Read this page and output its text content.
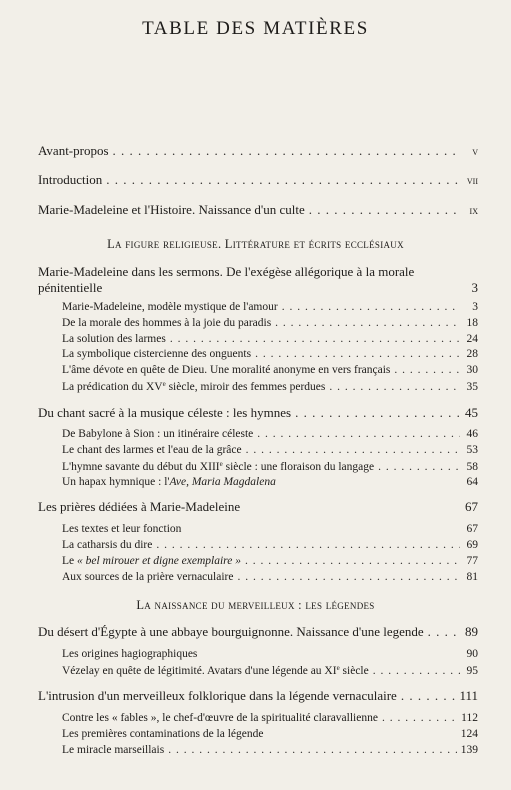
TABLE DES MATIÈRES
Avant-propos . . .	v
Introduction . . .	vii
Marie-Madeleine et l'Histoire. Naissance d'un culte . . .	ix
La figure religieuse. Littérature et écrits ecclésiaux
Marie-Madeleine dans les sermons. De l'exégèse allégorique à la morale
pénitentielle	3
Marie-Madeleine, modèle mystique de l'amour . . .	3
De la morale des hommes à la joie du paradis . . .	18
La solution des larmes . . .	24
La symbolique cistercienne des onguents . . .	28
L'âme dévote en quête de Dieu. Une moralité anonyme en vers français . . .	30
La prédication du XVe siècle, miroir des femmes perdues . . .	35
Du chant sacré à la musique céleste : les hymnes . . .	45
De Babylone à Sion : un itinéraire céleste . . .	46
Le chant des larmes et l'eau de la grâce . . .	53
L'hymne savante du début du XIIIe siècle : une floraison du langage . . .	58
Un hapax hymnique : l'Ave, Maria Magdalena	64
Les prières dédiées à Marie-Madeleine	67
Les textes et leur fonction	67
La catharsis du dire . . .	69
Le « bel mirouer et digne exemplaire » . . .	77
Aux sources de la prière vernaculaire . . .	81
La naissance du merveilleux : les légendes
Du désert d'Égypte à une abbaye bourguignonne. Naissance d'une legende . . .	89
Les origines hagiographiques	90
Vézelay en quête de légitimité. Avatars d'une légende au XIe siècle . . .	95
L'intrusion d'un merveilleux folklorique dans la légende vernaculaire . . .	111
Contre les « fables », le chef-d'œuvre de la spiritualité claravallienne . . .	112
Les premières contaminations de la légende	124
Le miracle marseillais . . .	139
